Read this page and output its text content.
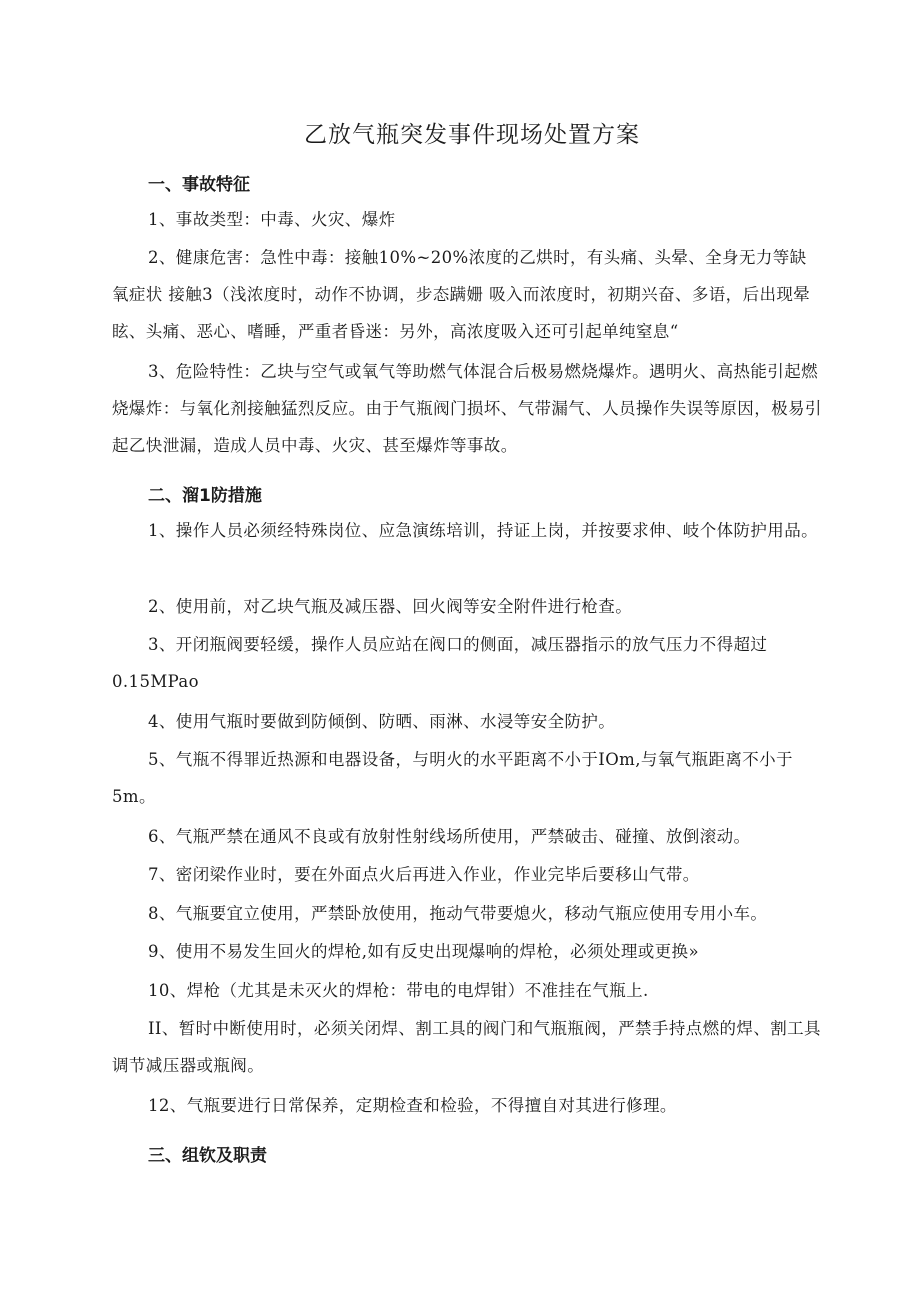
乙放气瓶突发事件现场处置方案
一、事故特征

1、事故类型：中毒、火灾、爆炸

2、健康危害：急性中毒：接触10%~20%浓度的乙烘时，有头痛、头晕、全身无力等缺氧症状 接触3（浅浓度时，动作不协调，步态蹒姗 吸入而浓度时，初期兴奋、多语，后出现晕眩、头痛、恶心、嗜睡，严重者昏迷：另外，高浓度吸入还可引起单纯窒息“

3、危险特性：乙块与空气或氧气等助燃气体混合后极易燃烧爆炸。遇明火、高热能引起燃烧爆炸：与氧化剂接触猛烈反应。由于气瓶阀门损坏、气带漏气、人员操作失误等原因，极易引起乙快泄漏，造成人员中毒、火灾、甚至爆炸等事故。

二、溜1防措施

1、操作人员必须经特殊岗位、应急演练培训，持证上岗，并按要求伸、岐个体防护用品。

2、使用前，对乙块气瓶及减压器、回火阀等安全附件进行枪查。

3、开闭瓶阀要轻缓，操作人员应站在阀口的侧面，减压器指示的放气压力不得超过0.15MPao

4、使用气瓶时要做到防倾倒、防晒、雨淋、水浸等安全防护。

5、气瓶不得罪近热源和电器设备，与明火的水平距离不小于IOm,与氧气瓶距离不小于5m。

6、气瓶严禁在通风不良或有放射性射线场所使用，严禁破击、碰撞、放倒滚动。

7、密闭梁作业时，要在外面点火后再进入作业，作业完毕后要移山气带。

8、气瓶要宜立使用，严禁卧放使用，拖动气带要熄火，移动气瓶应使用专用小车。

9、使用不易发生回火的焊枪,如有反史出现爆响的焊枪，必须处理或更换»

10、焊枪（尤其是未灭火的焊枪：带电的电焊钳）不准挂在气瓶上.

II、暂时中断使用时，必须关闭焊、割工具的阀门和气瓶瓶阀，严禁手持点燃的焊、割工具调节减压器或瓶阀。

12、气瓶要进行日常保养，定期检查和检验，不得擅自对其进行修理。

三、组钦及职责
